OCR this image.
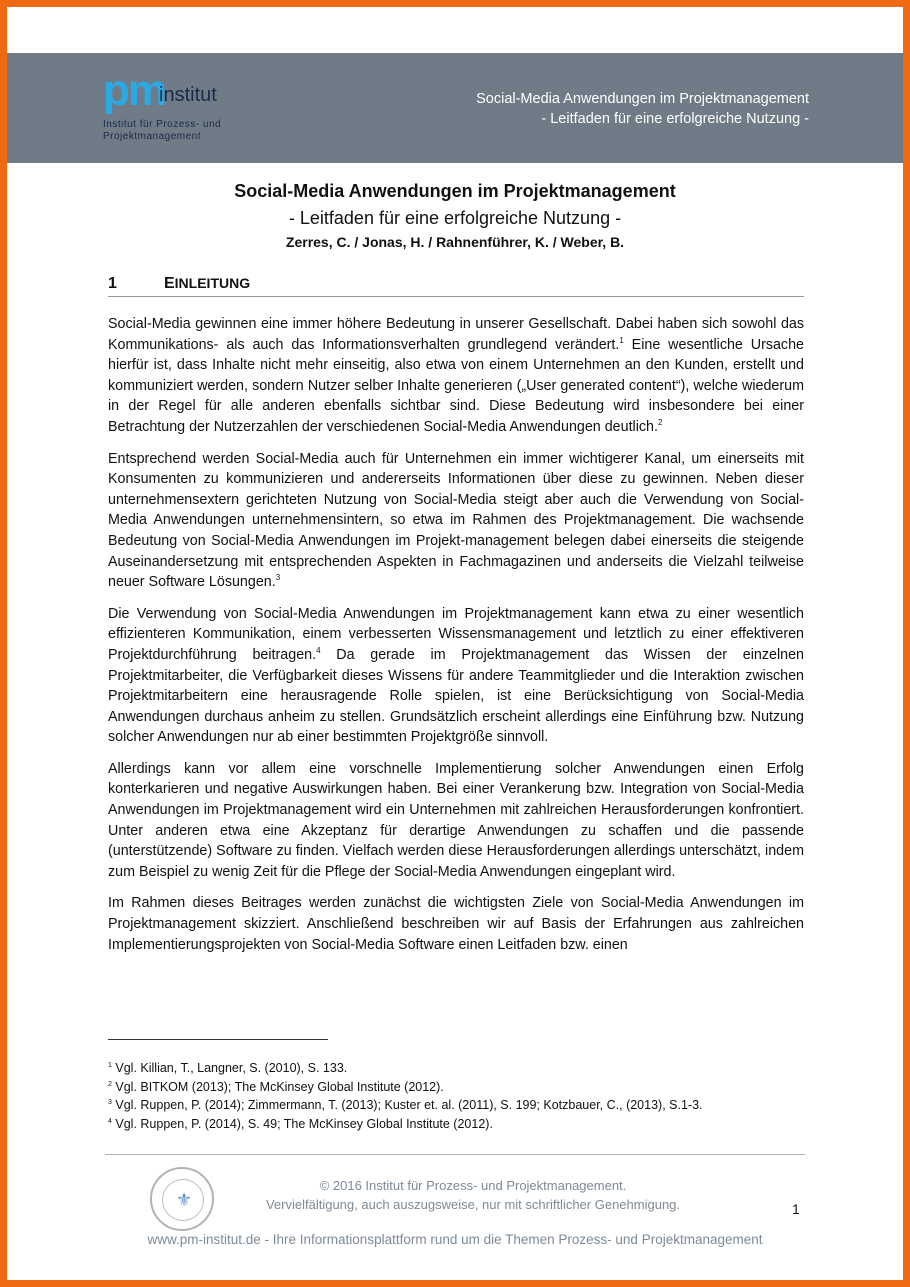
pm
institut
Institut für Prozess- und
Projektmanagement
Social-Media Anwendungen im Projektmanagement
- Leitfaden für eine erfolgreiche Nutzung -
Social-Media Anwendungen im Projektmanagement
- Leitfaden für eine erfolgreiche Nutzung -
Zerres, C. / Jonas, H. / Rahnenführer, K. / Weber, B.
1	EINLEITUNG

Social-Media gewinnen eine immer höhere Bedeutung in unserer Gesellschaft. Dabei haben sich sowohl das Kommunikations- als auch das Informationsverhalten grundlegend verändert.$^1$ Eine wesentliche Ursache hierfür ist, dass Inhalte nicht mehr einseitig, also etwa von einem Unternehmen an den Kunden, erstellt und kommuniziert werden, sondern Nutzer selber Inhalte generieren („User generated content“), welche wiederum in der Regel für alle anderen ebenfalls sichtbar sind. Diese Bedeutung wird insbesondere bei einer Betrachtung der Nutzerzahlen der verschiedenen Social-Media Anwendungen deutlich.$^2$

Entsprechend werden Social-Media auch für Unternehmen ein immer wichtigerer Kanal, um einerseits mit Konsumenten zu kommunizieren und andererseits Informationen über diese zu gewinnen. Neben dieser unternehmensextern gerichteten Nutzung von Social-Media steigt aber auch die Verwendung von Social-Media Anwendungen unternehmensintern, so etwa im Rahmen des Projektmanagement. Die wachsende Bedeutung von Social-Media Anwendungen im Projekt-management belegen dabei einerseits die steigende Auseinandersetzung mit entsprechenden Aspekten in Fachmagazinen und anderseits die Vielzahl teilweise neuer Software Lösungen.$^3$

Die Verwendung von Social-Media Anwendungen im Projektmanagement kann etwa zu einer wesentlich effizienteren Kommunikation, einem verbesserten Wissensmanagement und letztlich zu einer effektiveren Projektdurchführung beitragen.$^4$ Da gerade im Projektmanagement das Wissen der einzelnen Projektmitarbeiter, die Verfügbarkeit dieses Wissens für andere Teammitglieder und die Interaktion zwischen Projektmitarbeitern eine herausragende Rolle spielen, ist eine Berücksichtigung von Social-Media Anwendungen durchaus anheim zu stellen. Grundsätzlich erscheint allerdings eine Einführung bzw. Nutzung solcher Anwendungen nur ab einer bestimmten Projektgröße sinnvoll.

Allerdings kann vor allem eine vorschnelle Implementierung solcher Anwendungen einen Erfolg konterkarieren und negative Auswirkungen haben. Bei einer Verankerung bzw. Integration von Social-Media Anwendungen im Projektmanagement wird ein Unternehmen mit zahlreichen Herausforderungen konfrontiert. Unter anderen etwa eine Akzeptanz für derartige Anwendungen zu schaffen und die passende (unterstützende) Software zu finden. Vielfach werden diese Herausforderungen allerdings unterschätzt, indem zum Beispiel zu wenig Zeit für die Pflege der Social-Media Anwendungen eingeplant wird.

Im Rahmen dieses Beitrages werden zunächst die wichtigsten Ziele von Social-Media Anwendungen im Projektmanagement skizziert. Anschließend beschreiben wir auf Basis der Erfahrungen aus zahlreichen Implementierungsprojekten von Social-Media Software einen Leitfaden bzw. einen

$^1$ Vgl. Killian, T., Langner, S. (2010), S. 133.
$^2$ Vgl. BITKOM (2013); The McKinsey Global Institute (2012).
$^3$ Vgl. Ruppen, P. (2014); Zimmermann, T. (2013); Kuster et. al. (2011), S. 199; Kotzbauer, C., (2013), S.1-3.
$^4$ Vgl. Ruppen, P. (2014), S. 49; The McKinsey Global Institute (2012).
⚜
© 2016 Institut für Prozess- und Projektmanagement.
Vervielfältigung, auch auszugsweise, nur mit schriftlicher Genehmigung.	1
www.pm-institut.de - Ihre Informationsplattform rund um die Themen Prozess- und Projektmanagement
